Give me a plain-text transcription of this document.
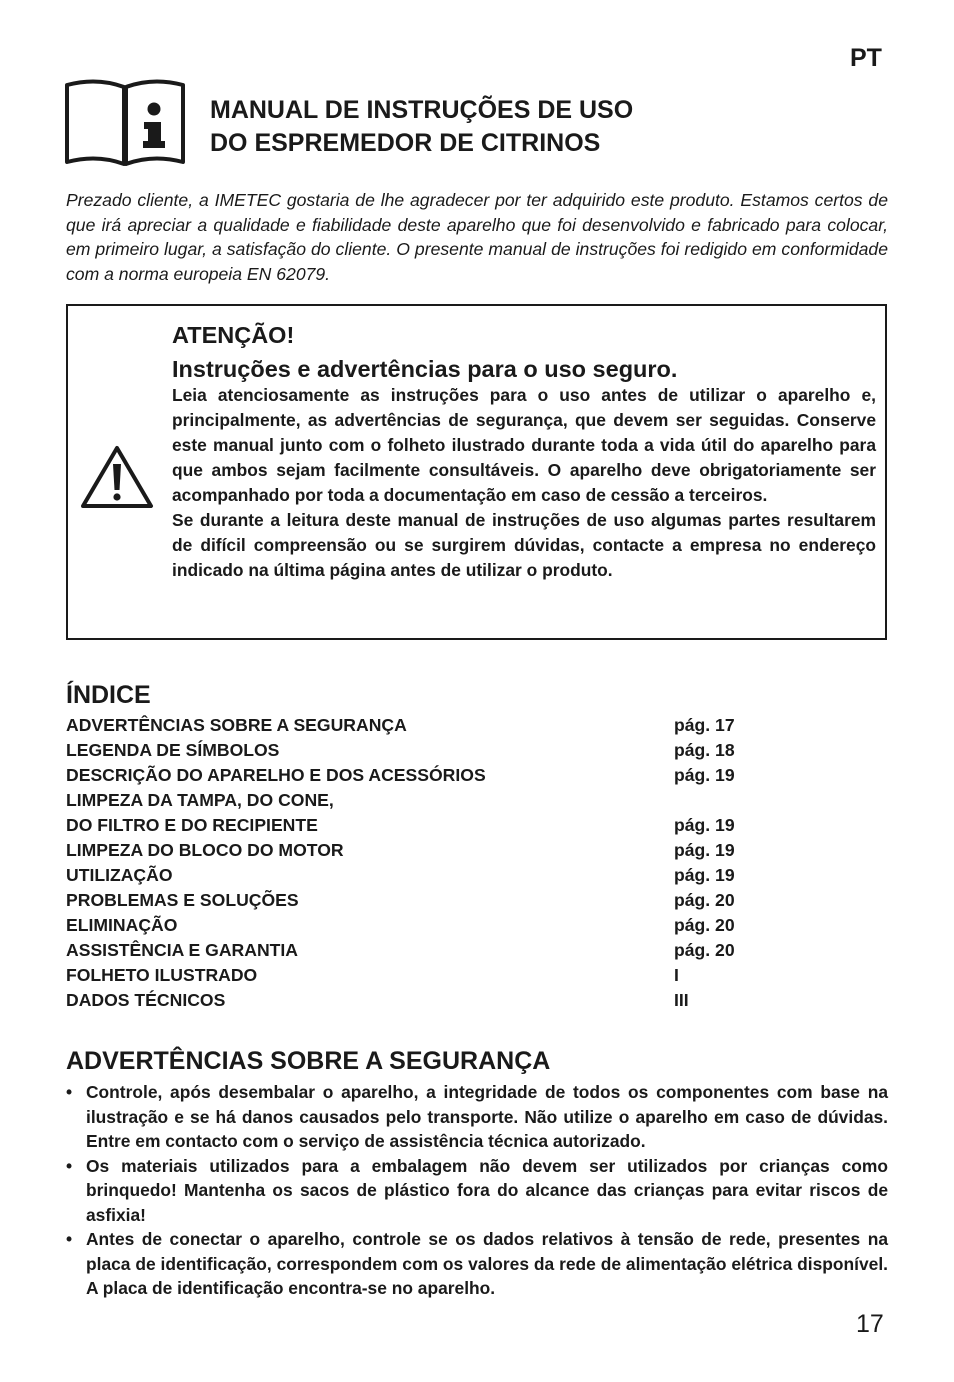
PT
MANUAL DE INSTRUÇÕES DE USO
DO ESPREMEDOR DE CITRINOS
Prezado cliente, a IMETEC gostaria de lhe agradecer por ter adquirido este produto. Estamos certos de que irá apreciar a qualidade e fiabilidade deste aparelho que foi desenvolvido e fabricado para colocar, em primeiro lugar, a satisfação do cliente. O presente manual de instruções foi redigido em conformidade com a norma europeia EN 62079.
ATENÇÃO!
Instruções e advertências para o uso seguro.

Leia atenciosamente as instruções para o uso antes de utilizar o aparelho e, principalmente, as advertências de segurança, que devem ser seguidas. Conserve este manual junto com o folheto ilustrado durante toda a vida útil do aparelho para que ambos sejam facilmente consultáveis. O aparelho deve obrigatoriamente ser acompanhado por toda a documentação em caso de cessão a terceiros.

Se durante a leitura deste manual de instruções de uso algumas partes resultarem de difícil compreensão ou se surgirem dúvidas, contacte a empresa no endereço indicado na última página antes de utilizar o produto.

ÍNDICE
ADVERTÊNCIAS SOBRE A SEGURANÇA	pág. 17
LEGENDA DE SÍMBOLOS	pág. 18
DESCRIÇÃO DO APARELHO E DOS ACESSÓRIOS	pág. 19
LIMPEZA DA TAMPA, DO CONE,
DO FILTRO E DO RECIPIENTE	pág. 19
LIMPEZA DO BLOCO DO MOTOR	pág. 19
UTILIZAÇÃO	pág. 19
PROBLEMAS E SOLUÇÕES	pág. 20
ELIMINAÇÃO	pág. 20
ASSISTÊNCIA E GARANTIA	pág. 20
FOLHETO ILUSTRADO	I
DADOS TÉCNICOS	III
ADVERTÊNCIAS SOBRE A SEGURANÇA
• Controle, após desembalar o aparelho, a integridade de todos os componentes com base na ilustração e se há danos causados pelo transporte. Não utilize o aparelho em caso de dúvidas. Entre em contacto com o serviço de assistência técnica autorizado.
• Os materiais utilizados para a embalagem não devem ser utilizados por crianças como brinquedo! Mantenha os sacos de plástico fora do alcance das crianças para evitar riscos de asfixia!
• Antes de conectar o aparelho, controle se os dados relativos à tensão de rede, presentes na placa de identificação, correspondem com os valores da rede de alimentação elétrica disponível. A placa de identificação encontra-se no aparelho.
17
